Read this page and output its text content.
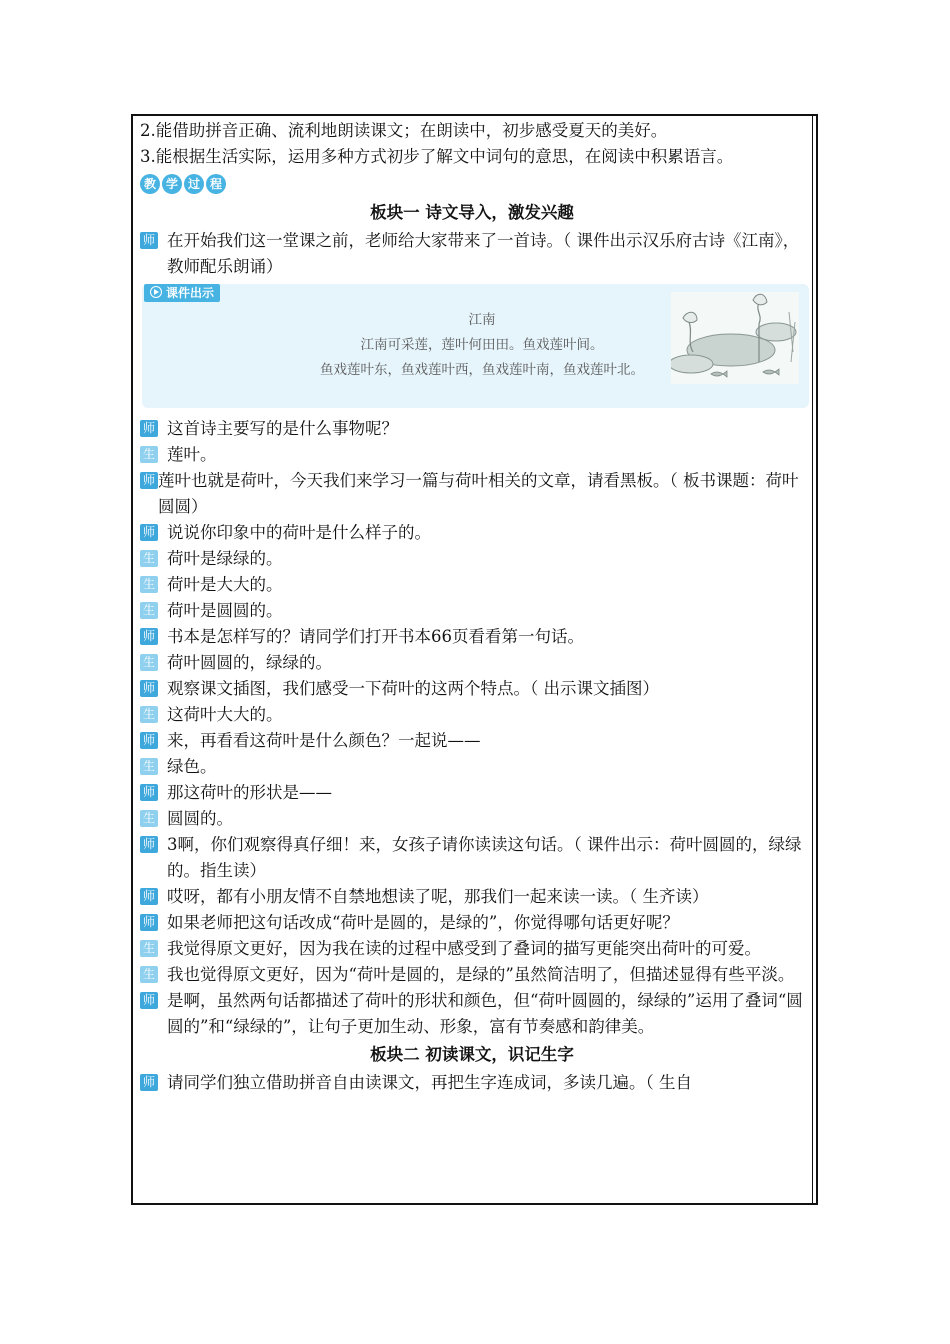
2.能借助拼音正确、流利地朗读课文；在朗读中，初步感受夏天的美好。
3.能根据生活实际，运用多种方式初步了解文中词句的意思，在阅读中积累语言。
教 学 过 程
板块一 诗文导入，激发兴趣
师 在开始我们这一堂课之前，老师给大家带来了一首诗。（ 课件出示汉乐府古诗《江南》，教师配乐朗诵）
课件出示
江南
江南可采莲，莲叶何田田。鱼戏莲叶间。
鱼戏莲叶东，鱼戏莲叶西，鱼戏莲叶南，鱼戏莲叶北。
师 这首诗主要写的是什么事物呢？
生 莲叶。
师 莲叶也就是荷叶，今天我们来学习一篇与荷叶相关的文章，请看黑板。（ 板书课题：荷叶圆圆）
师 说说你印象中的荷叶是什么样子的。
生 荷叶是绿绿的。
生 荷叶是大大的。
生 荷叶是圆圆的。
师 书本是怎样写的？请同学们打开书本66页看看第一句话。
生 荷叶圆圆的，绿绿的。
师 观察课文插图，我们感受一下荷叶的这两个特点。（ 出示课文插图）
生 这荷叶大大的。
师 来，再看看这荷叶是什么颜色？一起说——
生 绿色。
师 那这荷叶的形状是——
生 圆圆的。
师 3啊，你们观察得真仔细！来，女孩子请你读读这句话。（ 课件出示：荷叶圆圆的，绿绿的。指生读）
师 哎呀，都有小朋友情不自禁地想读了呢，那我们一起来读一读。（ 生齐读）
师 如果老师把这句话改成“荷叶是圆的，是绿的”，你觉得哪句话更好呢？
生 我觉得原文更好，因为我在读的过程中感受到了叠词的描写更能突出荷叶的可爱。
生 我也觉得原文更好，因为“荷叶是圆的，是绿的”虽然简洁明了，但描述显得有些平淡。
师 是啊，虽然两句话都描述了荷叶的形状和颜色，但“荷叶圆圆的，绿绿的”运用了叠词“圆圆的”和“绿绿的”，让句子更加生动、形象，富有节奏感和韵律美。
板块二 初读课文，识记生字
师 请同学们独立借助拼音自由读课文，再把生字连成词，多读几遍。（ 生自
